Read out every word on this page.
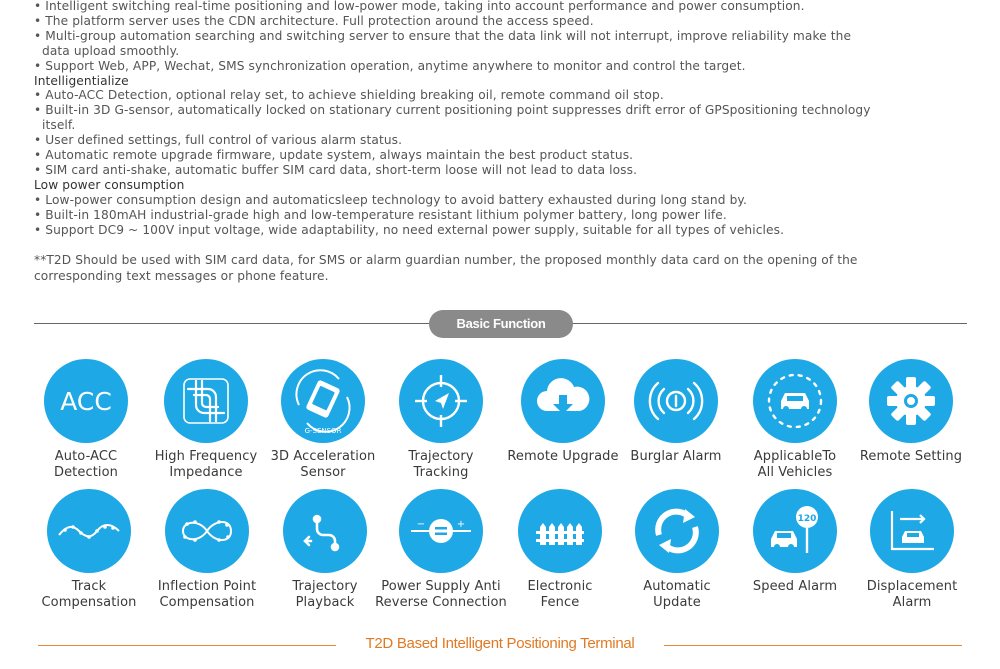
• Intelligent switching real-time positioning and low-power mode, taking into account performance and power consumption.
• The platform server uses the CDN architecture. Full protection around the access speed.
• Multi-group automation searching and switching server to ensure that the data link will not interrupt, improve reliability make the
data upload smoothly.
• Support Web, APP, Wechat, SMS synchronization operation, anytime anywhere to monitor and control the target.
Intelligentialize
• Auto-ACC Detection, optional relay set, to achieve shielding breaking oil, remote command oil stop.
• Built-in 3D G-sensor, automatically locked on stationary current positioning point suppresses drift error of GPSpositioning technology
itself.
• User defined settings, full control of various alarm status.
• Automatic remote upgrade firmware, update system, always maintain the best product status.
• SIM card anti-shake, automatic buffer SIM card data, short-term loose will not lead to data loss.
Low power consumption
• Low-power consumption design and automaticsleep technology to avoid battery exhausted during long stand by.
• Built-in 180mAH industrial-grade high and low-temperature resistant lithium polymer battery, long power life.
• Support DC9 ~ 100V input voltage, wide adaptability, no need external power supply, suitable for all types of vehicles.
**T2D Should be used with SIM card data, for SMS or alarm guardian number, the proposed monthly data card on the opening of the
corresponding text messages or phone feature.
Basic Function
ACC
Auto-ACC
Detection
High Frequency
Impedance
G-SENSOR
3D Acceleration
Sensor
Trajectory
Tracking
Remote Upgrade Burglar Alarm	ApplicableTo
All Vehicles
Remote Setting
Track
Compensation
Inflection Point
Compensation
Trajectory
Playback
−	+
Power Supply Anti
Reverse Connection
Electronic
Fence
Automatic
Update
120
Speed Alarm	Displacement
Alarm
T2D Based Intelligent Positioning Terminal
